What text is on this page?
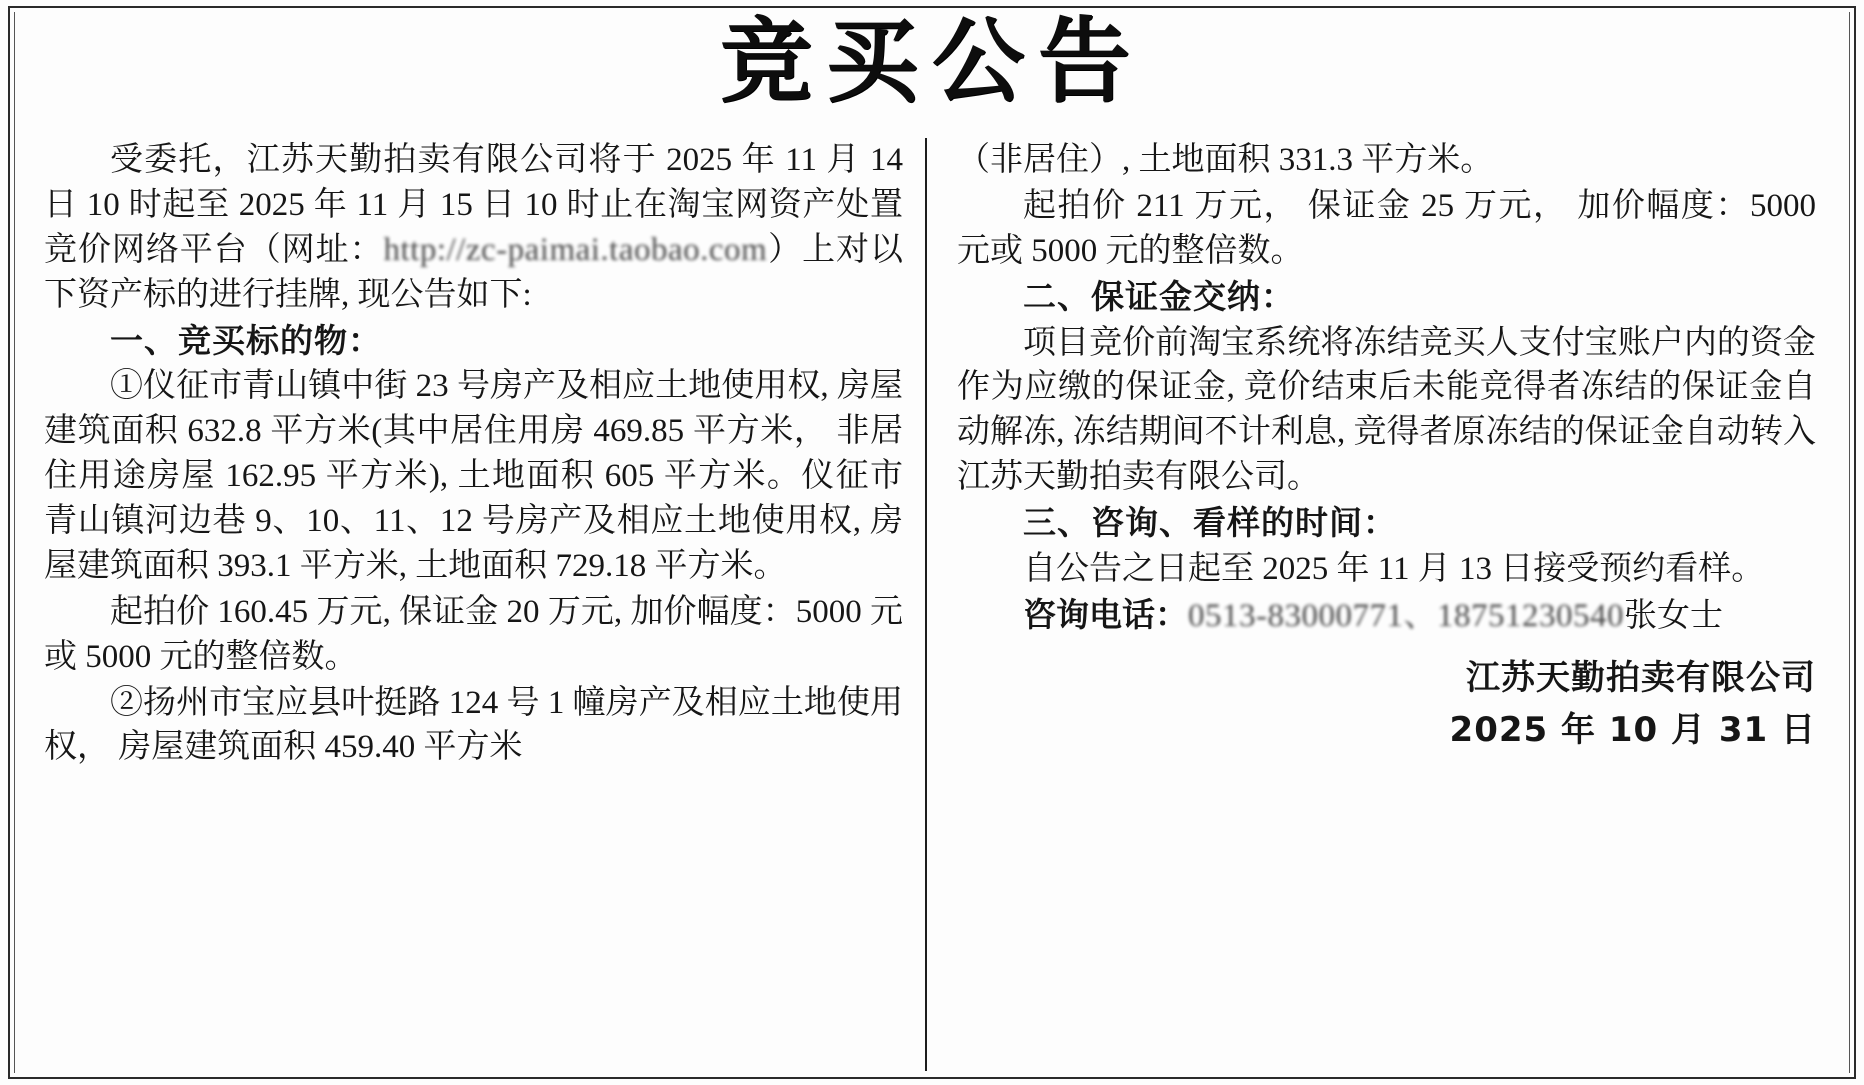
竞买公告

受委托，江苏天勤拍卖有限公司将于 2025 年 11 月 14 日 10 时起至 2025 年 11 月 15 日 10 时止在淘宝网资产处置竞价网络平台（网址：http://zc-paimai.taobao.com）上对以下资产标的进行挂牌, 现公告如下:

一、竞买标的物：

①仪征市青山镇中街 23 号房产及相应土地使用权, 房屋建筑面积 632.8 平方米(其中居住用房 469.85 平方米， 非居住用途房屋 162.95 平方米), 土地面积 605 平方米。仪征市青山镇河边巷 9、10、11、12 号房产及相应土地使用权, 房屋建筑面积 393.1 平方米, 土地面积 729.18 平方米。

起拍价 160.45 万元, 保证金 20 万元, 加价幅度：5000 元或 5000 元的整倍数。

②扬州市宝应县叶挺路 124 号 1 幢房产及相应土地使用权， 房屋建筑面积 459.40 平方米

（非居住）, 土地面积 331.3 平方米。

起拍价 211 万元， 保证金 25 万元， 加价幅度：5000 元或 5000 元的整倍数。

二、保证金交纳：

项目竞价前淘宝系统将冻结竞买人支付宝账户内的资金作为应缴的保证金, 竞价结束后未能竞得者冻结的保证金自动解冻, 冻结期间不计利息, 竞得者原冻结的保证金自动转入江苏天勤拍卖有限公司。

三、咨询、看样的时间：

自公告之日起至 2025 年 11 月 13 日接受预约看样。

咨询电话：0513-83000771、18751230540张女士

江苏天勤拍卖有限公司

2025 年 10 月 31 日
